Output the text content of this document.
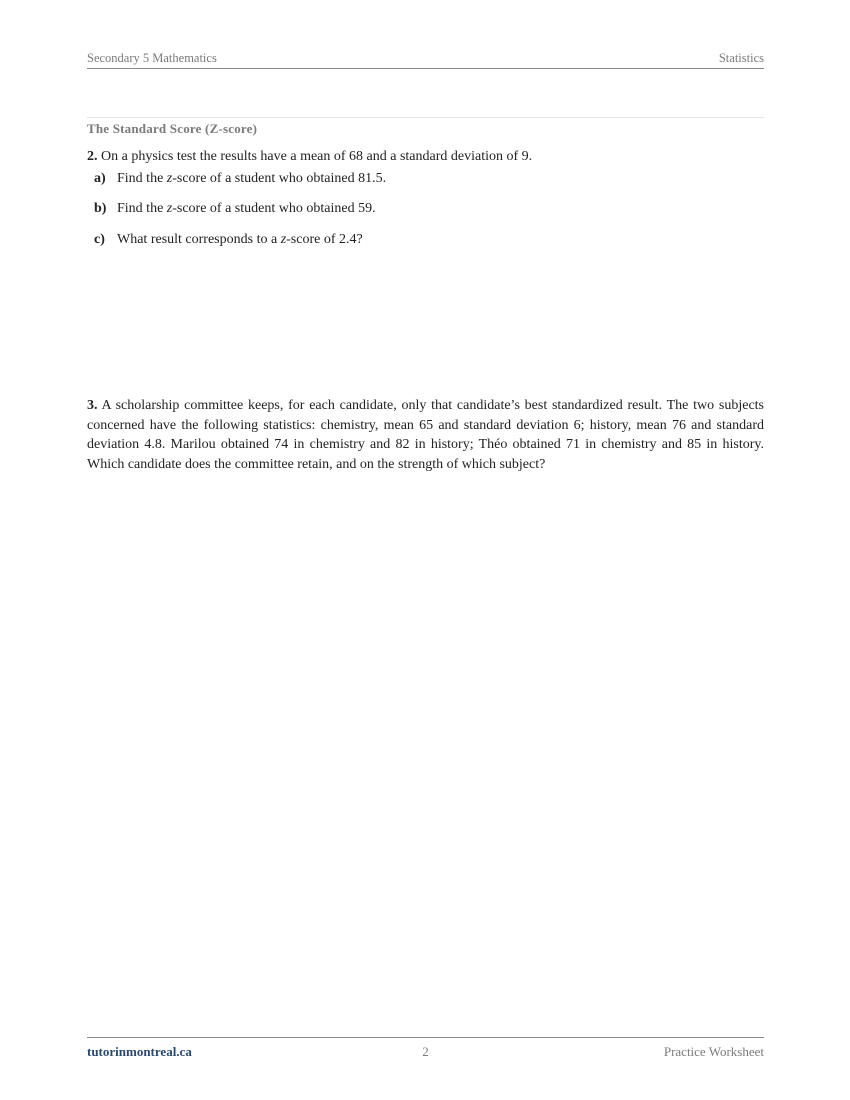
Secondary 5 Mathematics	Statistics
The Standard Score (Z-score)
2. On a physics test the results have a mean of 68 and a standard deviation of 9.
a) Find the z-score of a student who obtained 81.5.
b) Find the z-score of a student who obtained 59.
c) What result corresponds to a z-score of 2.4?
3. A scholarship committee keeps, for each candidate, only that candidate’s best standardized result. The two subjects concerned have the following statistics: chemistry, mean 65 and standard deviation 6; history, mean 76 and standard deviation 4.8. Marilou obtained 74 in chemistry and 82 in history; Théo obtained 71 in chemistry and 85 in history. Which candidate does the committee retain, and on the strength of which subject?
tutorinmontreal.ca	2	Practice Worksheet
